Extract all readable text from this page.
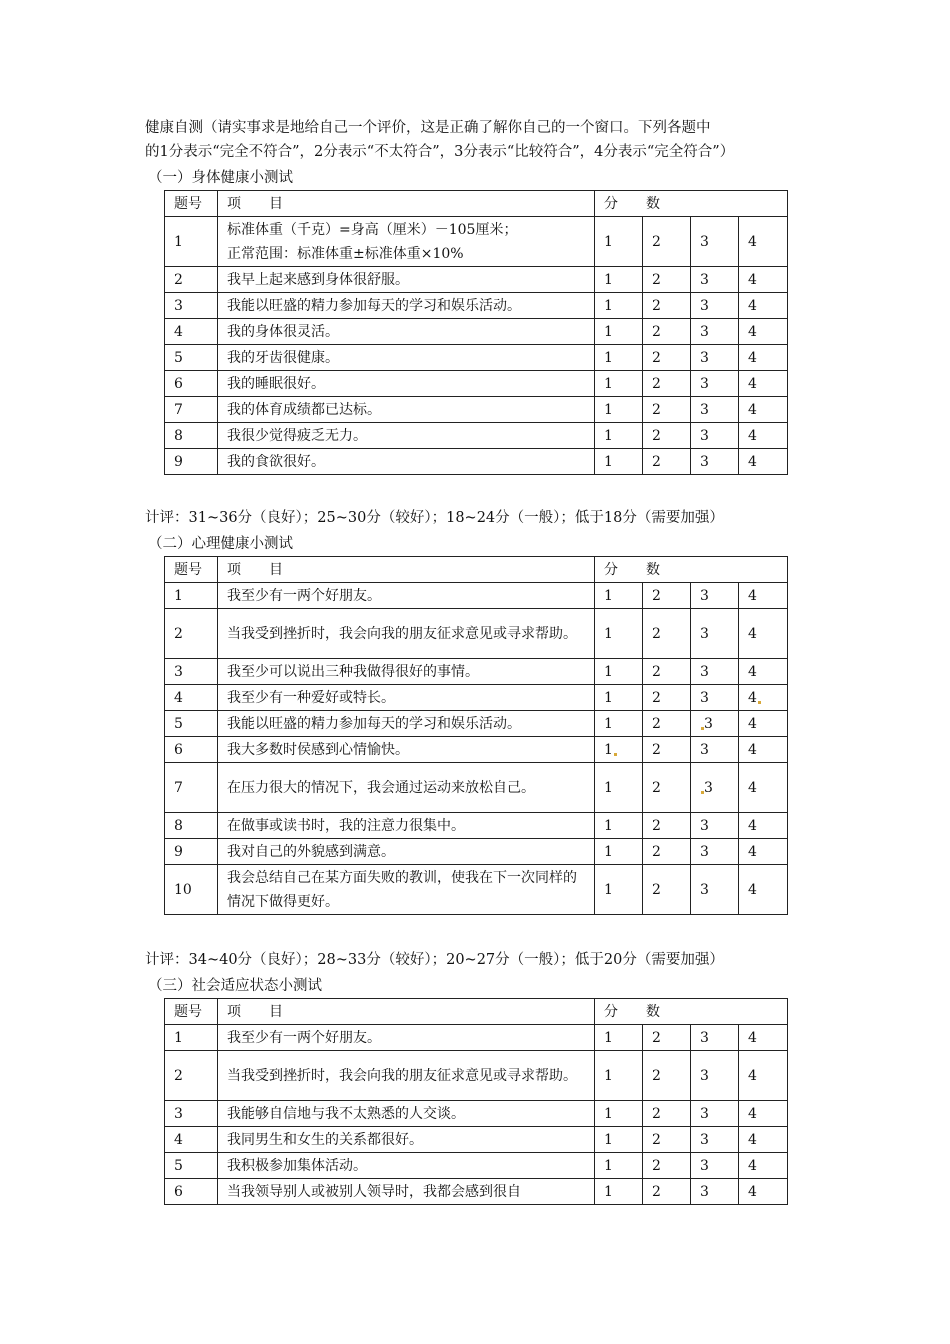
健康自测（请实事求是地给自己一个评价，这是正确了解你自己的一个窗口。下列各题中

的1分表示“完全不符合”，2分表示“不太符合”，3分表示“比较符合”，4分表示“完全符合”）

（一）身体健康小测试
题号	项　　目	分　　数			
1	标准体重（千克）=身高（厘米）－105厘米；
正常范围：标准体重±标准体重×10%	1	2	3	4
2	我早上起来感到身体很舒服。	1	2	3	4
3	我能以旺盛的精力参加每天的学习和娱乐活动。	1	2	3	4
4	我的身体很灵活。	1	2	3	4
5	我的牙齿很健康。	1	2	3	4
6	我的睡眠很好。	1	2	3	4
7	我的体育成绩都已达标。	1	2	3	4
8	我很少觉得疲乏无力。	1	2	3	4
9	我的食欲很好。	1	2	3	4
计评：31~36分（良好）；25~30分（较好）；18~24分（一般）；低于18分（需要加强）
（二）心理健康小测试
题号	项　　目	分　　数			
1	我至少有一两个好朋友。	1	2	3	4
2	当我受到挫折时，我会向我的朋友征求意见或寻求帮助。	1	2	3	4
3	我至少可以说出三种我做得很好的事情。	1	2	3	4
4	我至少有一种爱好或特长。	1	2	3	4
5	我能以旺盛的精力参加每天的学习和娱乐活动。	1	2	3	4
6	我大多数时侯感到心情愉快。	1	2	3	4
7	在压力很大的情况下，我会通过运动来放松自己。	1	2	3	4
8	在做事或读书时，我的注意力很集中。	1	2	3	4
9	我对自己的外貌感到满意。	1	2	3	4
10	我会总结自己在某方面失败的教训，使我在下一次同样的情况下做得更好。	1	2	3	4
计评：34~40分（良好）；28~33分（较好）；20~27分（一般）；低于20分（需要加强）
（三）社会适应状态小测试
题号	项　　目	分　　数			
1	我至少有一两个好朋友。	1	2	3	4
2	当我受到挫折时，我会向我的朋友征求意见或寻求帮助。	1	2	3	4
3	我能够自信地与我不太熟悉的人交谈。	1	2	3	4
4	我同男生和女生的关系都很好。	1	2	3	4
5	我积极参加集体活动。	1	2	3	4
6	当我领导别人或被别人领导时，我都会感到很自	1	2	3	4
